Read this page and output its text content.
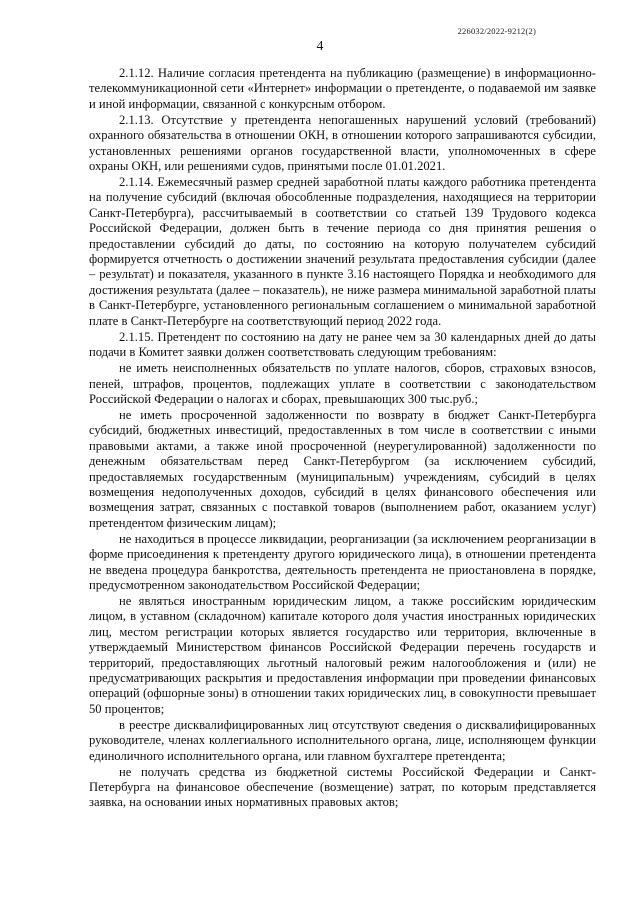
226032/2022-9212(2)
4

2.1.12. Наличие согласия претендента на публикацию (размещение) в информационно-телекоммуникационной сети «Интернет» информации о претенденте, о подаваемой им заявке и иной информации, связанной с конкурсным отбором.

2.1.13. Отсутствие у претендента непогашенных нарушений условий (требований) охранного обязательства в отношении ОКН, в отношении которого запрашиваются субсидии, установленных решениями органов государственной власти, уполномоченных в сфере охраны ОКН, или решениями судов, принятыми после 01.01.2021.

2.1.14. Ежемесячный размер средней заработной платы каждого работника претендента на получение субсидий (включая обособленные подразделения, находящиеся на территории Санкт-Петербурга), рассчитываемый в соответствии со статьей 139 Трудового кодекса Российской Федерации, должен быть в течение периода со дня принятия решения о предоставлении субсидий до даты, по состоянию на которую получателем субсидий формируется отчетность о достижении значений результата предоставления субсидии (далее – результат) и показателя, указанного в пункте 3.16 настоящего Порядка и необходимого для достижения результата (далее – показатель), не ниже размера минимальной заработной платы в Санкт-Петербурге, установленного региональным соглашением о минимальной заработной плате в Санкт-Петербурге на соответствующий период 2022 года.

2.1.15. Претендент по состоянию на дату не ранее чем за 30 календарных дней до даты подачи в Комитет заявки должен соответствовать следующим требованиям:

не иметь неисполненных обязательств по уплате налогов, сборов, страховых взносов, пеней, штрафов, процентов, подлежащих уплате в соответствии с законодательством Российской Федерации о налогах и сборах, превышающих 300 тыс.руб.;

не иметь просроченной задолженности по возврату в бюджет Санкт-Петербурга субсидий, бюджетных инвестиций, предоставленных в том числе в соответствии с иными правовыми актами, а также иной просроченной (неурегулированной) задолженности по денежным обязательствам перед Санкт-Петербургом (за исключением субсидий, предоставляемых государственным (муниципальным) учреждениям, субсидий в целях возмещения недополученных доходов, субсидий в целях финансового обеспечения или возмещения затрат, связанных с поставкой товаров (выполнением работ, оказанием услуг) претендентом физическим лицам);

не находиться в процессе ликвидации, реорганизации (за исключением реорганизации в форме присоединения к претенденту другого юридического лица), в отношении претендента не введена процедура банкротства, деятельность претендента не приостановлена в порядке, предусмотренном законодательством Российской Федерации;

не являться иностранным юридическим лицом, а также российским юридическим лицом, в уставном (складочном) капитале которого доля участия иностранных юридических лиц, местом регистрации которых является государство или территория, включенные в утверждаемый Министерством финансов Российской Федерации перечень государств и территорий, предоставляющих льготный налоговый режим налогообложения и (или) не предусматривающих раскрытия и предоставления информации при проведении финансовых операций (офшорные зоны) в отношении таких юридических лиц, в совокупности превышает 50 процентов;

в реестре дисквалифицированных лиц отсутствуют сведения о дисквалифицированных руководителе, членах коллегиального исполнительного органа, лице, исполняющем функции единоличного исполнительного органа, или главном бухгалтере претендента;

не получать средства из бюджетной системы Российской Федерации и Санкт-Петербурга на финансовое обеспечение (возмещение) затрат, по которым представляется заявка, на основании иных нормативных правовых актов;
